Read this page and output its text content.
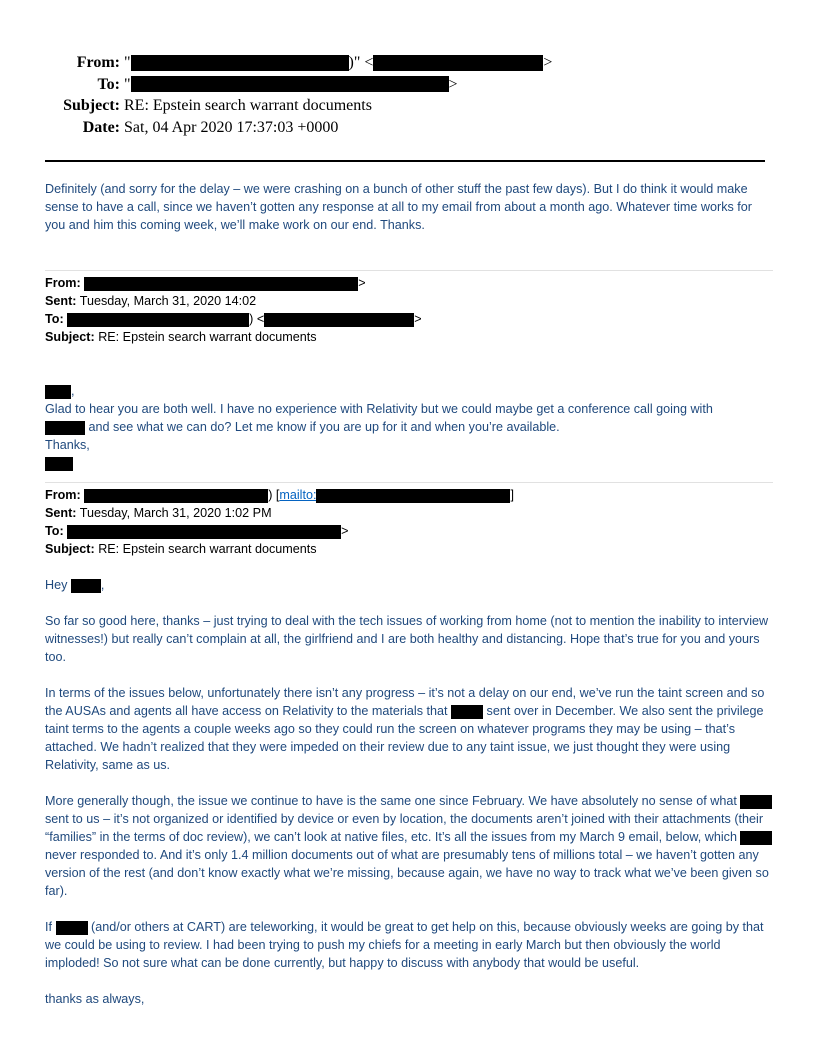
From: "	)" <	>
To: "	>
Subject: RE: Epstein search warrant documents
Date: Sat, 04 Apr 2020 17:37:03 +0000

Definitely (and sorry for the delay – we were crashing on a bunch of other stuff the past few days). But I do think it would make sense to have a call, since we haven’t gotten any response at all to my email from about a month ago. Whatever time works for you and him this coming week, we’ll make work on our end. Thanks.

From:	>
Sent: Tuesday, March 31, 2020 14:02
To:	) <	>
Subject: RE: Epstein search warrant documents

,

Glad to hear you are both well. I have no experience with Relativity but we could maybe get a conference call going with

and see what we can do? Let me know if you are up for it and when you’re available.

Thanks,

From:	) [mailto:	]
Sent: Tuesday, March 31, 2020 1:02 PM
To:	>
Subject: RE: Epstein search warrant documents

Hey ,

So far so good here, thanks – just trying to deal with the tech issues of working from home (not to mention the inability to interview witnesses!) but really can’t complain at all, the girlfriend and I are both healthy and distancing. Hope that’s true for you and yours too.

In terms of the issues below, unfortunately there isn’t any progress – it’s not a delay on our end, we’ve run the taint screen and so the AUSAs and agents all have access on Relativity to the materials that	sent over in December. We also sent the privilege taint terms to the agents a couple weeks ago so they could run the screen on whatever programs they may be using – that’s attached. We hadn’t realized that they were impeded on their review due to any taint issue, we just thought they were using Relativity, same as us.

More generally though, the issue we continue to have is the same one since February. We have absolutely no sense of what  sent to us – it’s not organized or identified by device or even by location, the documents aren’t joined with their attachments (their “families” in the terms of doc review), we can’t look at native files, etc. It’s all the issues from my March 9 email, below, which  never responded to. And it’s only 1.4 million documents out of what are presumably tens of millions total – we haven’t gotten any version of the rest (and don’t know exactly what we’re missing, because again, we have no way to track what we’ve been given so far).

If	(and/or others at CART) are teleworking, it would be great to get help on this, because obviously weeks are going by that we could be using to review. I had been trying to push my chiefs for a meeting in early March but then obviously the world imploded! So not sure what can be done currently, but happy to discuss with anybody that would be useful.

thanks as always,
